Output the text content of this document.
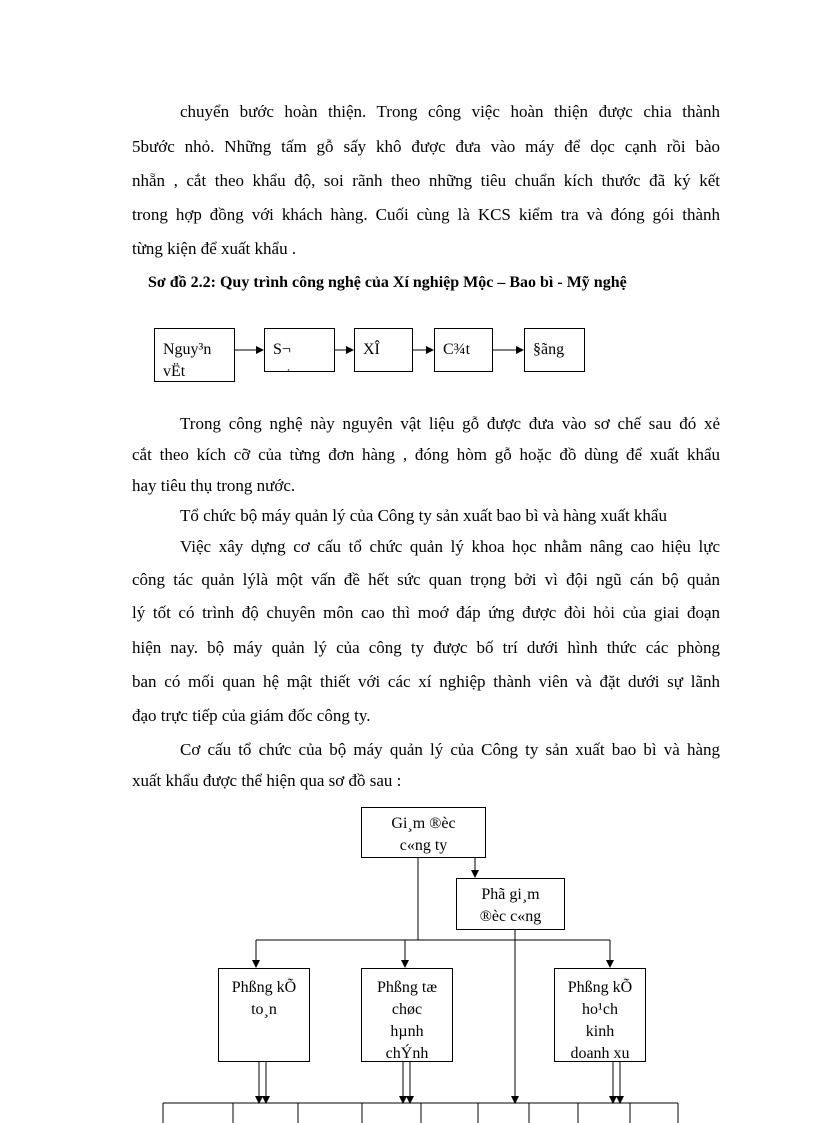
chuyển bước hoàn thiện. Trong công việc hoàn thiện được chia thành
5bước nhỏ. Những tấm gỗ sấy khô được đưa vào máy để dọc cạnh rồi bào
nhẵn , cắt theo khẩu độ, soi rãnh theo những tiêu chuẩn kích thước đã ký kết
trong hợp đồng với khách hàng. Cuối cùng là KCS kiểm tra và đóng gói thành
từng kiện để xuất khẩu .
Sơ đồ 2.2: Quy trình công nghệ của Xí nghiệp Mộc – Bao bì - Mỹ nghệ
Nguy³n
vËt
S¬
¸
XÎ	C¾t	§ãng
Trong công nghệ này nguyên vật liệu gỗ được đưa vào sơ chế sau đó xẻ
cắt theo kích cỡ của từng đơn hàng , đóng hòm gỗ hoặc đồ dùng để xuất khẩu
hay tiêu thụ trong nước.
Tổ chức bộ máy quản lý của Công ty sản xuất bao bì và hàng xuất khẩu
Việc xây dựng cơ cấu tổ chức quản lý khoa học nhằm nâng cao hiệu lực
công tác quản lýlà một vấn đề hết sức quan trọng bởi vì đội ngũ cán bộ quản
lý tốt có trình độ chuyên môn cao thì moớ đáp ứng được đòi hỏi của giai đoạn
hiện nay. bộ máy quản lý của công ty được bố trí dưới hình thức các phòng
ban có mối quan hệ mật thiết với các xí nghiệp thành viên và đặt dưới sự lãnh
đạo trực tiếp của giám đốc công ty.
Cơ cấu tổ chức của bộ máy quản lý của Công ty sản xuất bao bì và hàng
xuất khẩu được thể hiện qua sơ đồ sau :
Gi¸m ®èc
c«ng ty
Phã gi¸m
®èc c«ng
Phßng kÕ
to¸n
Phßng tæ
chøc
hµnh
chÝnh
Phßng kÕ
ho¹ch
kinh
doanh xu
